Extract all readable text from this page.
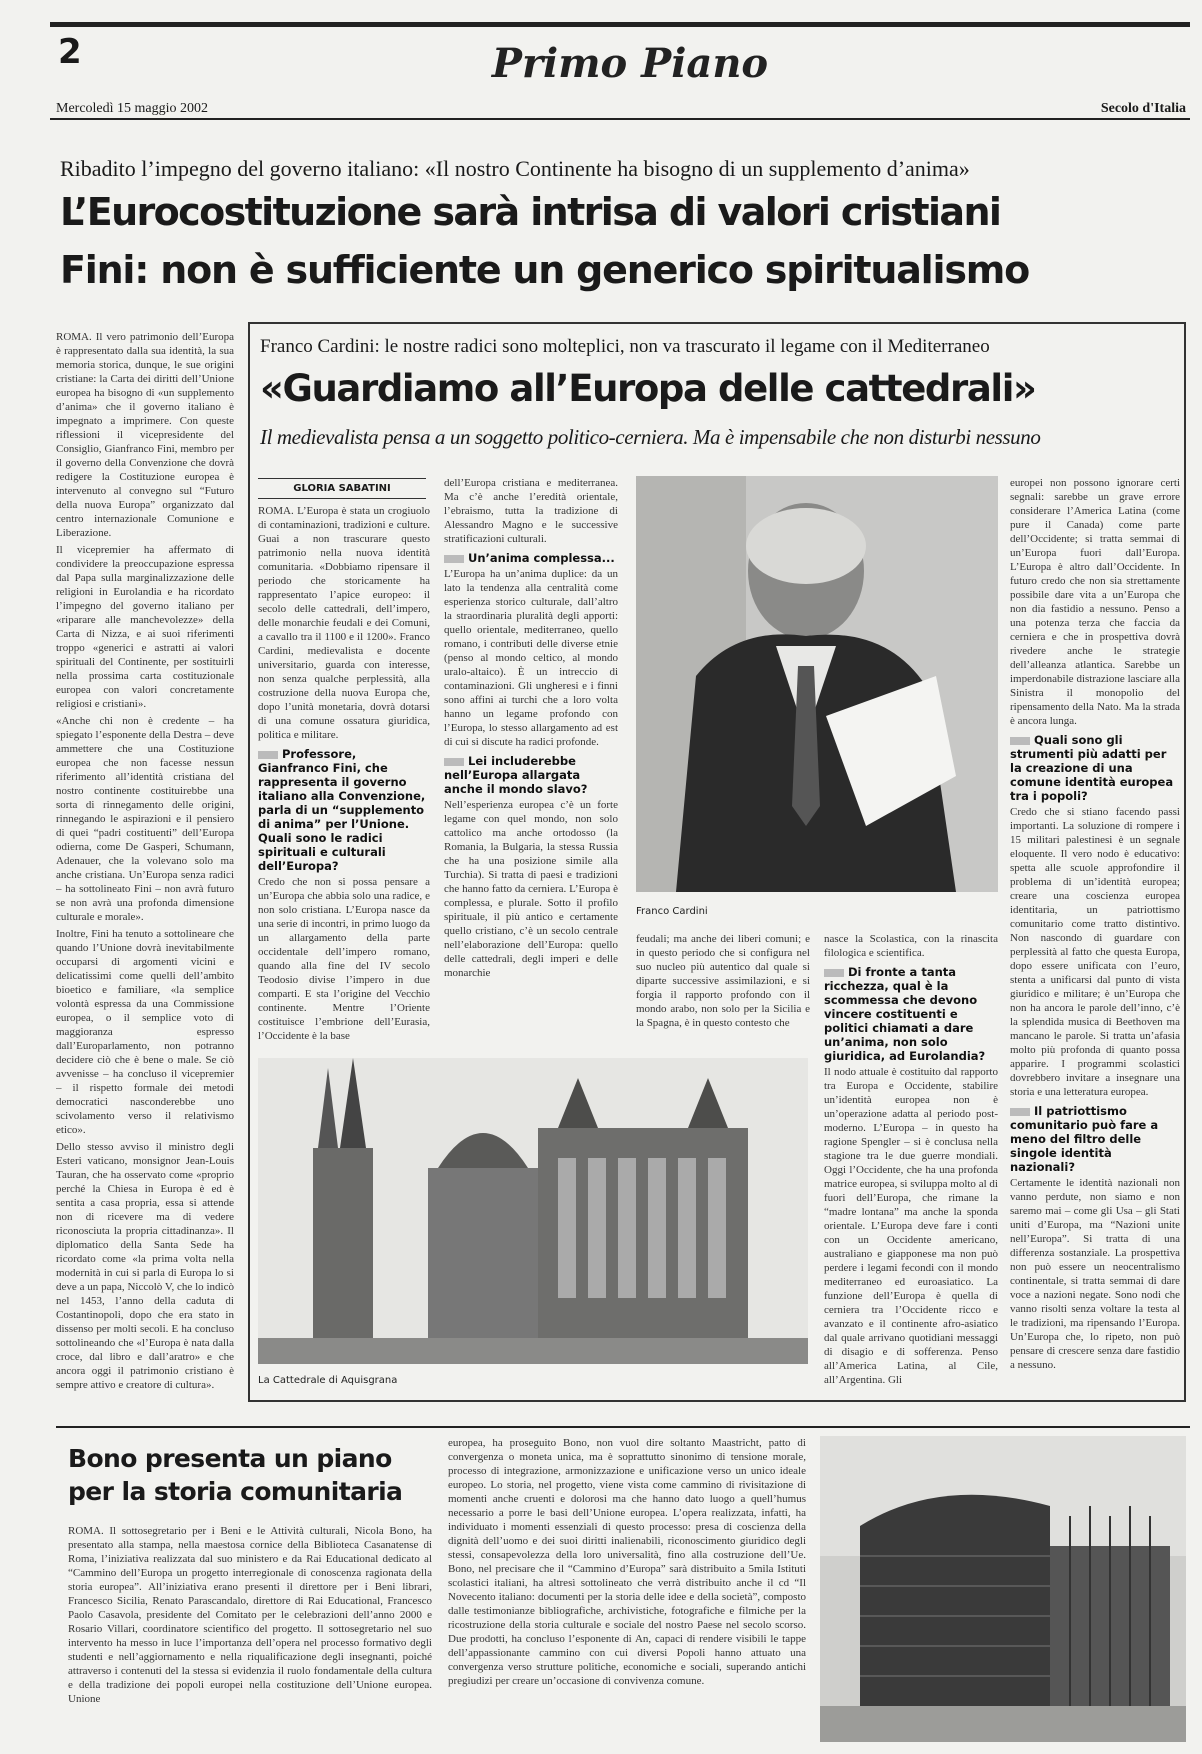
2	Primo Piano
Mercoledì 15 maggio 2002	Secolo d'Italia
Ribadito l’impegno del governo italiano: «Il nostro Continente ha bisogno di un supplemento d’anima»
L’Eurocostituzione sarà intrisa di valori cristiani
Fini: non è sufficiente un generico spiritualismo

ROMA. Il vero patrimonio dell’Europa è rappresentato dalla sua identità, la sua memoria storica, dunque, le sue origini cristiane: la Carta dei diritti dell’Unione europea ha bisogno di «un supplemento d’anima» che il governo italiano è impegnato a imprimere. Con queste riflessioni il vicepresidente del Consiglio, Gianfranco Fini, membro per il governo della Convenzione che dovrà redigere la Costituzione europea è intervenuto al convegno sul “Futuro della nuova Europa” organizzato dal centro internazionale Comunione e Liberazione.

Il vicepremier ha affermato di condividere la preoccupazione espressa dal Papa sulla marginalizzazione delle religioni in Eurolandia e ha ricordato l’impegno del governo italiano per «riparare alle manchevolezze» della Carta di Nizza, e ai suoi riferimenti troppo «generici e astratti ai valori spirituali del Continente, per sostituirli nella prossima carta costituzionale europea con valori concretamente religiosi e cristiani».

«Anche chi non è credente – ha spiegato l’esponente della Destra – deve ammettere che una Costituzione europea che non facesse nessun riferimento all’identità cristiana del nostro continente costituirebbe una sorta di rinnegamento delle origini, rinnegando le aspirazioni e il pensiero di quei “padri costituenti” dell’Europa odierna, come De Gasperi, Schumann, Adenauer, che la volevano solo ma anche cristiana. Un’Europa senza radici – ha sottolineato Fini – non avrà futuro se non avrà una profonda dimensione culturale e morale».

Inoltre, Fini ha tenuto a sottolineare che quando l’Unione dovrà inevitabilmente occuparsi di argomenti vicini e delicatissimi come quelli dell’ambito bioetico e familiare, «la semplice volontà espressa da una Commissione europea, o il semplice voto di maggioranza espresso dall’Europarlamento, non potranno decidere ciò che è bene o male. Se ciò avvenisse – ha concluso il vicepremier – il rispetto formale dei metodi democratici nasconderebbe uno scivolamento verso il relativismo etico».

Dello stesso avviso il ministro degli Esteri vaticano, monsignor Jean-Louis Tauran, che ha osservato come «proprio perché la Chiesa in Europa è ed è sentita a casa propria, essa si attende non di ricevere ma di vedere riconosciuta la propria cittadinanza». Il diplomatico della Santa Sede ha ricordato come «la prima volta nella modernità in cui si parla di Europa lo si deve a un papa, Niccolò V, che lo indicò nel 1453, l’anno della caduta di Costantinopoli, dopo che era stato in dissenso per molti secoli. E ha concluso sottolineando che «l’Europa è nata dalla croce, dal libro e dall’aratro» e che ancora oggi il patrimonio cristiano è sempre attivo e creatore di cultura».

Franco Cardini: le nostre radici sono molteplici, non va trascurato il legame con il Mediterraneo
«Guardiamo all’Europa delle cattedrali»
Il medievalista pensa a un soggetto politico-cerniera. Ma è impensabile che non disturbi nessuno
GLORIA SABATINI

ROMA. L’Europa è stata un crogiuolo di contaminazioni, tradizioni e culture. Guai a non trascurare questo patrimonio nella nuova identità comunitaria. «Dobbiamo ripensare il periodo che storicamente ha rappresentato l’apice europeo: il secolo delle cattedrali, dell’impero, delle monarchie feudali e dei Comuni, a cavallo tra il 1100 e il 1200». Franco Cardini, medievalista e docente universitario, guarda con interesse, non senza qualche perplessità, alla costruzione della nuova Europa che, dopo l’unità monetaria, dovrà dotarsi di una comune ossatura giuridica, politica e militare.

Professore, Gianfranco Fini, che rappresenta il governo italiano alla Convenzione, parla di un “supplemento di anima” per l’Unione. Quali sono le radici spirituali e culturali dell’Europa?

Credo che non si possa pensare a un’Europa che abbia solo una radice, e non solo cristiana. L’Europa nasce da una serie di incontri, in primo luogo da un allargamento della parte occidentale dell’impero romano, quando alla fine del IV secolo Teodosio divise l’impero in due comparti. E sta l’origine del Vecchio continente. Mentre l’Oriente costituisce l’embrione dell’Eurasia, l’Occidente è la base

dell’Europa cristiana e mediterranea. Ma c’è anche l’eredità orientale, l’ebraismo, tutta la tradizione di Alessandro Magno e le successive stratificazioni culturali.

Un’anima complessa...

L’Europa ha un’anima duplice: da un lato la tendenza alla centralità come esperienza storico culturale, dall’altro la straordinaria pluralità degli apporti: quello orientale, mediterraneo, quello romano, i contributi delle diverse etnie (penso al mondo celtico, al mondo uralo-altaico). È un intreccio di contaminazioni. Gli ungheresi e i finni sono affini ai turchi che a loro volta hanno un legame profondo con l’Europa, lo stesso allargamento ad est di cui si discute ha radici profonde.

Lei includerebbe nell’Europa allargata anche il mondo slavo?

Nell’esperienza europea c’è un forte legame con quel mondo, non solo cattolico ma anche ortodosso (la Romania, la Bulgaria, la stessa Russia che ha una posizione simile alla Turchia). Si tratta di paesi e tradizioni che hanno fatto da cerniera. L’Europa è complessa, e plurale. Sotto il profilo spirituale, il più antico e certamente quello cristiano, c’è un secolo centrale nell’elaborazione dell’Europa: quello delle cattedrali, degli imperi e delle monarchie

Franco Cardini

europei non possono ignorare certi segnali: sarebbe un grave errore considerare l’America Latina (come pure il Canada) come parte dell’Occidente; si tratta semmai di un’Europa fuori dall’Europa. L’Europa è altro dall’Occidente. In futuro credo che non sia strettamente possibile dare vita a un’Europa che non dia fastidio a nessuno. Penso a una potenza terza che faccia da cerniera e che in prospettiva dovrà rivedere anche le strategie dell’alleanza atlantica. Sarebbe un imperdonabile distrazione lasciare alla Sinistra il monopolio del ripensamento della Nato. Ma la strada è ancora lunga.

Quali sono gli strumenti più adatti per la creazione di una comune identità europea tra i popoli?

Credo che si stiano facendo passi importanti. La soluzione di rompere i 15 militari palestinesi è un segnale eloquente. Il vero nodo è educativo: spetta alle scuole approfondire il problema di un’identità europea; creare una coscienza europea identitaria, un patriottismo comunitario come tratto distintivo. Non nascondo di guardare con perplessità al fatto che questa Europa, dopo essere unificata con l’euro, stenta a unificarsi dal punto di vista giuridico e militare; è un’Europa che non ha ancora le parole dell’inno, c’è la splendida musica di Beethoven ma mancano le parole. Si tratta un’afasia molto più profonda di quanto possa apparire. I programmi scolastici dovrebbero invitare a insegnare una storia e una letteratura europea.

Il patriottismo comunitario può fare a meno del filtro delle singole identità nazionali?

Certamente le identità nazionali non vanno perdute, non siamo e non saremo mai – come gli Usa – gli Stati uniti d’Europa, ma “Nazioni unite nell’Europa”. Si tratta di una differenza sostanziale. La prospettiva non può essere un neocentralismo continentale, si tratta semmai di dare voce a nazioni negate. Sono nodi che vanno risolti senza voltare la testa al le tradizioni, ma ripensando l’Europa. Un’Europa che, lo ripeto, non può pensare di crescere senza dare fastidio a nessuno.

feudali; ma anche dei liberi comuni; e in questo periodo che si configura nel suo nucleo più autentico dal quale si diparte successive assimilazioni, e si forgia il rapporto profondo con il mondo arabo, non solo per la Sicilia e la Spagna, è in questo contesto che

nasce la Scolastica, con la rinascita filologica e scientifica.

Di fronte a tanta ricchezza, qual è la scommessa che devono vincere costituenti e politici chiamati a dare un’anima, non solo giuridica, ad Eurolandia?

Il nodo attuale è costituito dal rapporto tra Europa e Occidente, stabilire un’identità europea non è un’operazione adatta al periodo post-moderno. L’Europa – in questo ha ragione Spengler – si è conclusa nella stagione tra le due guerre mondiali. Oggi l’Occidente, che ha una profonda matrice europea, si sviluppa molto al di fuori dell’Europa, che rimane la “madre lontana” ma anche la sponda orientale. L’Europa deve fare i conti con un Occidente americano, australiano e giapponese ma non può perdere i legami fecondi con il mondo mediterraneo ed euroasiatico. La funzione dell’Europa è quella di cerniera tra l’Occidente ricco e avanzato e il continente afro-asiatico dal quale arrivano quotidiani messaggi di disagio e di sofferenza. Penso all’America Latina, al Cile, all’Argentina. Gli

La Cattedrale di Aquisgrana
Bono presenta un piano per la storia comunitaria

ROMA. Il sottosegretario per i Beni e le Attività culturali, Nicola Bono, ha presentato alla stampa, nella maestosa cornice della Biblioteca Casanatense di Roma, l’iniziativa realizzata dal suo ministero e da Rai Educational dedicato al “Cammino dell’Europa un progetto interregionale di conoscenza ragionata della storia europea”. All’iniziativa erano presenti il direttore per i Beni librari, Francesco Sicilia, Renato Parascandalo, direttore di Rai Educational, Francesco Paolo Casavola, presidente del Comitato per le celebrazioni dell’anno 2000 e Rosario Villari, coordinatore scientifico del progetto. Il sottosegretario nel suo intervento ha messo in luce l’importanza dell’opera nel processo formativo degli studenti e nell’aggiornamento e nella riqualificazione degli insegnanti, poiché attraverso i contenuti del la stessa si evidenzia il ruolo fondamentale della cultura e della tradizione dei popoli europei nella costituzione dell’Unione europea. Unione

europea, ha proseguito Bono, non vuol dire soltanto Maastricht, patto di convergenza o moneta unica, ma è soprattutto sinonimo di tensione morale, processo di integrazione, armonizzazione e unificazione verso un unico ideale europeo. Lo storia, nel progetto, viene vista come cammino di rivisitazione di momenti anche cruenti e dolorosi ma che hanno dato luogo a quell’humus necessario a porre le basi dell’Unione europea. L’opera realizzata, infatti, ha individuato i momenti essenziali di questo processo: presa di coscienza della dignità dell’uomo e dei suoi diritti inalienabili, riconoscimento giuridico degli stessi, consapevolezza della loro universalità, fino alla costruzione dell’Ue. Bono, nel precisare che il “Cammino d’Europa” sarà distribuito a 5mila Istituti scolastici italiani, ha altresì sottolineato che verrà distribuito anche il cd “Il Novecento italiano: documenti per la storia delle idee e della società”, composto dalle testimonianze bibliografiche, archivistiche, fotografiche e filmiche per la ricostruzione della storia culturale e sociale del nostro Paese nel secolo scorso. Due prodotti, ha concluso l’esponente di An, capaci di rendere visibili le tappe dell’appassionante cammino con cui diversi Popoli hanno attuato una convergenza verso strutture politiche, economiche e sociali, superando antichi pregiudizi per creare un’occasione di convivenza comune.
